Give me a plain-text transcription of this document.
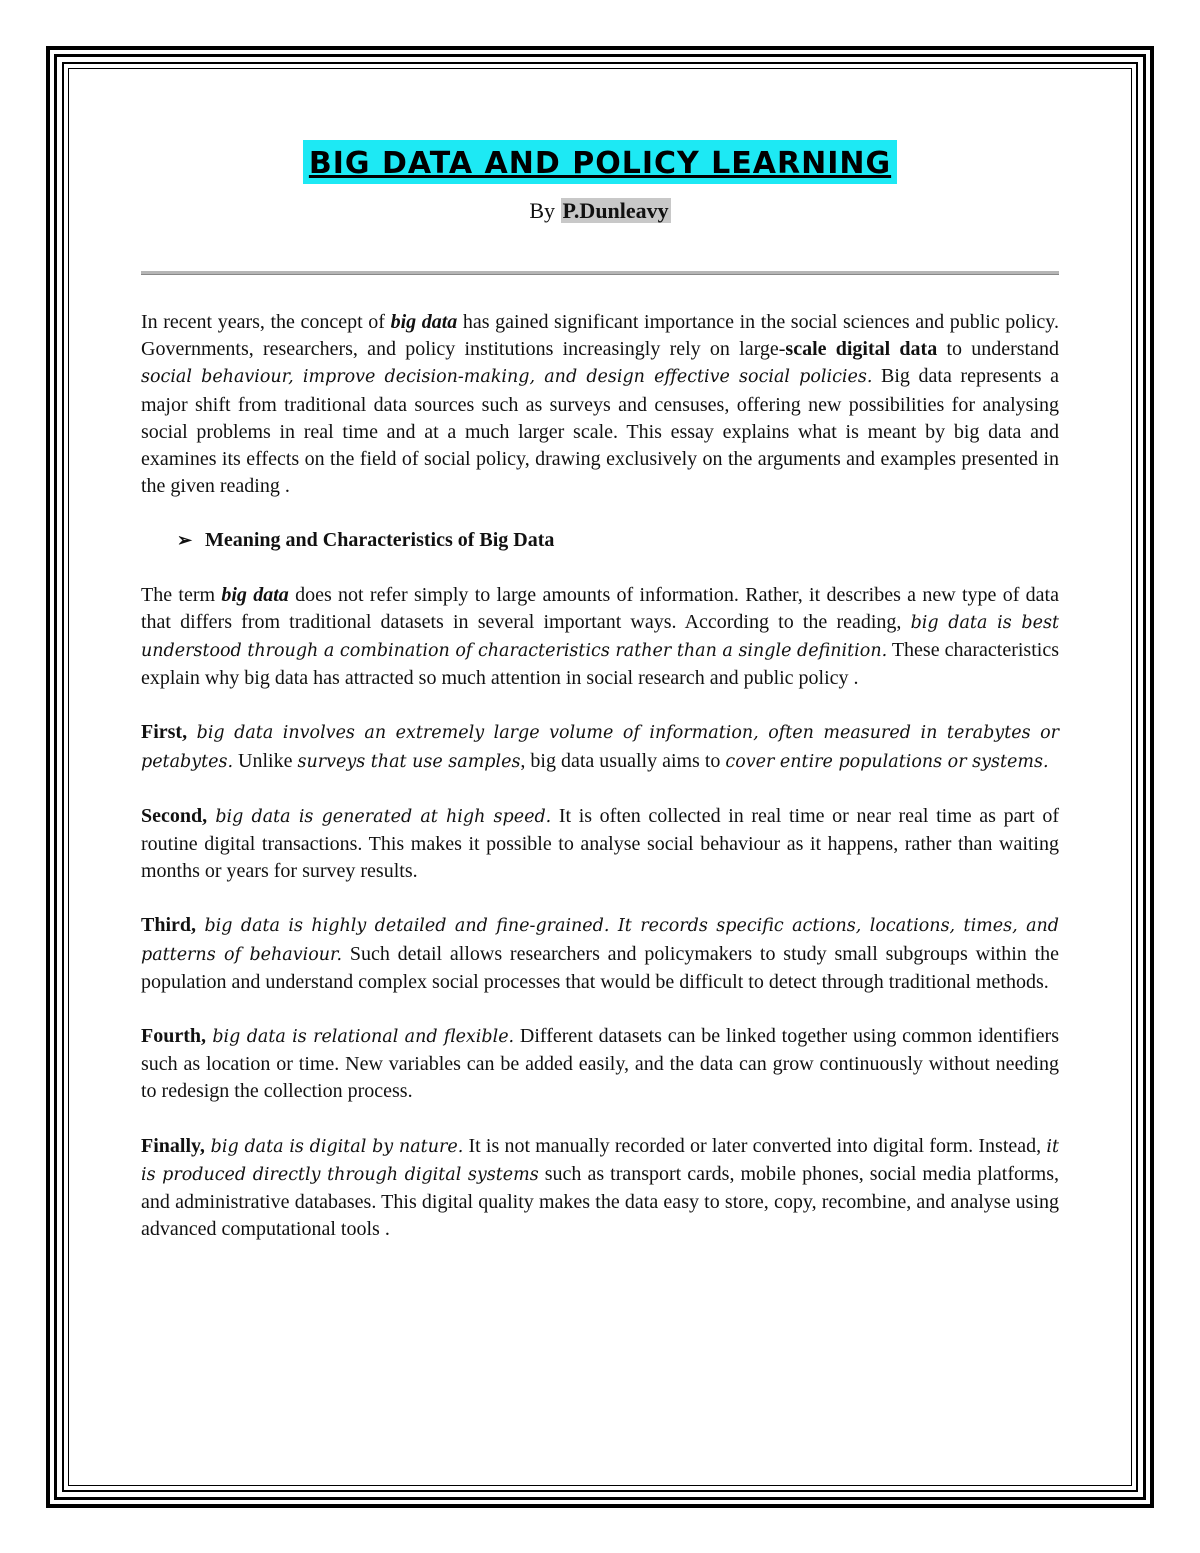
BIG DATA AND POLICY LEARNING
By P.Dunleavy

In recent years, the concept of big data has gained significant importance in the social sciences and public policy. Governments, researchers, and policy institutions increasingly rely on large-scale digital data to understand social behaviour, improve decision-making, and design effective social policies. Big data represents a major shift from traditional data sources such as surveys and censuses, offering new possibilities for analysing social problems in real time and at a much larger scale. This essay explains what is meant by big data and examines its effects on the field of social policy, drawing exclusively on the arguments and examples presented in the given reading .

➢ Meaning and Characteristics of Big Data

The term big data does not refer simply to large amounts of information. Rather, it describes a new type of data that differs from traditional datasets in several important ways. According to the reading, big data is best understood through a combination of characteristics rather than a single definition. These characteristics explain why big data has attracted so much attention in social research and public policy .

First, big data involves an extremely large volume of information, often measured in terabytes or petabytes. Unlike surveys that use samples, big data usually aims to cover entire populations or systems.

Second, big data is generated at high speed. It is often collected in real time or near real time as part of routine digital transactions. This makes it possible to analyse social behaviour as it happens, rather than waiting months or years for survey results.

Third, big data is highly detailed and fine-grained. It records specific actions, locations, times, and patterns of behaviour. Such detail allows researchers and policymakers to study small subgroups within the population and understand complex social processes that would be difficult to detect through traditional methods.

Fourth, big data is relational and flexible. Different datasets can be linked together using common identifiers such as location or time. New variables can be added easily, and the data can grow continuously without needing to redesign the collection process.

Finally, big data is digital by nature. It is not manually recorded or later converted into digital form. Instead, it is produced directly through digital systems such as transport cards, mobile phones, social media platforms, and administrative databases. This digital quality makes the data easy to store, copy, recombine, and analyse using advanced computational tools .
